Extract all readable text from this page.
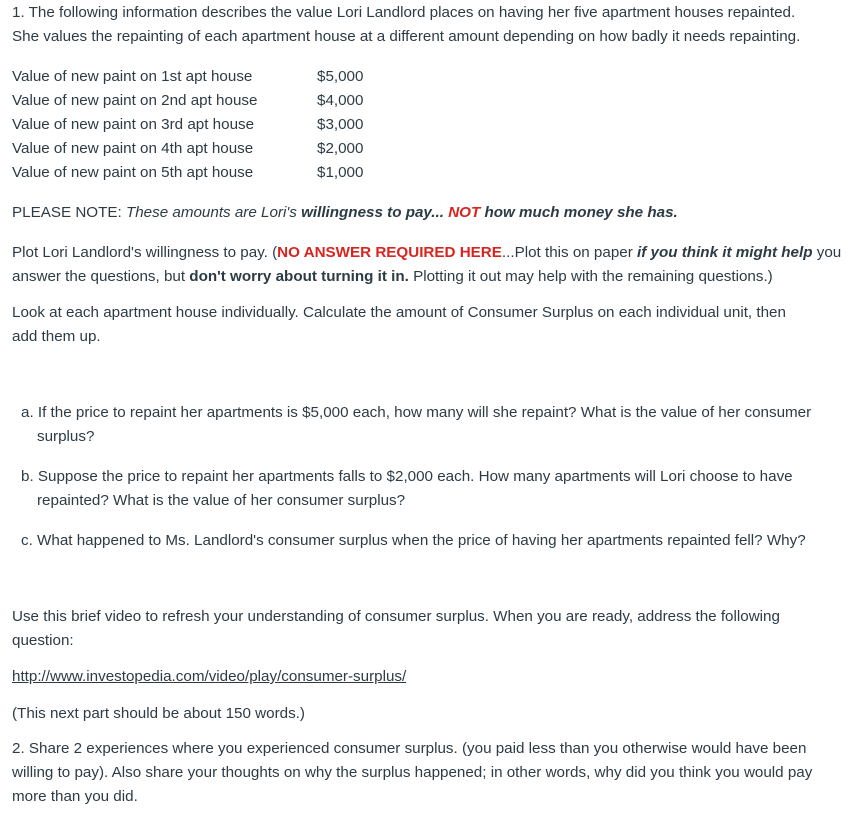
1. The following information describes the value Lori Landlord places on having her five apartment houses repainted.
She values the repainting of each apartment house at a different amount depending on how badly it needs repainting.
Value of new paint on 1st apt house	$5,000
Value of new paint on 2nd apt house	$4,000
Value of new paint on 3rd apt house	$3,000
Value of new paint on 4th apt house	$2,000
Value of new paint on 5th apt house	$1,000
PLEASE NOTE: These amounts are Lori's willingness to pay... NOT how much money she has.
Plot Lori Landlord's willingness to pay. (NO ANSWER REQUIRED HERE...Plot this on paper if you think it might help you
answer the questions, but don't worry about turning it in. Plotting it out may help with the remaining questions.)
Look at each apartment house individually. Calculate the amount of Consumer Surplus on each individual unit, then
add them up.
a. If the price to repaint her apartments is $5,000 each, how many will she repaint? What is the value of her consumer
surplus?
b. Suppose the price to repaint her apartments falls to $2,000 each. How many apartments will Lori choose to have
repainted? What is the value of her consumer surplus?
c. What happened to Ms. Landlord's consumer surplus when the price of having her apartments repainted fell? Why?
Use this brief video to refresh your understanding of consumer surplus. When you are ready, address the following
question:
http://www.investopedia.com/video/play/consumer-surplus/
(This next part should be about 150 words.)
2. Share 2 experiences where you experienced consumer surplus. (you paid less than you otherwise would have been
willing to pay). Also share your thoughts on why the surplus happened; in other words, why did you think you would pay
more than you did.
